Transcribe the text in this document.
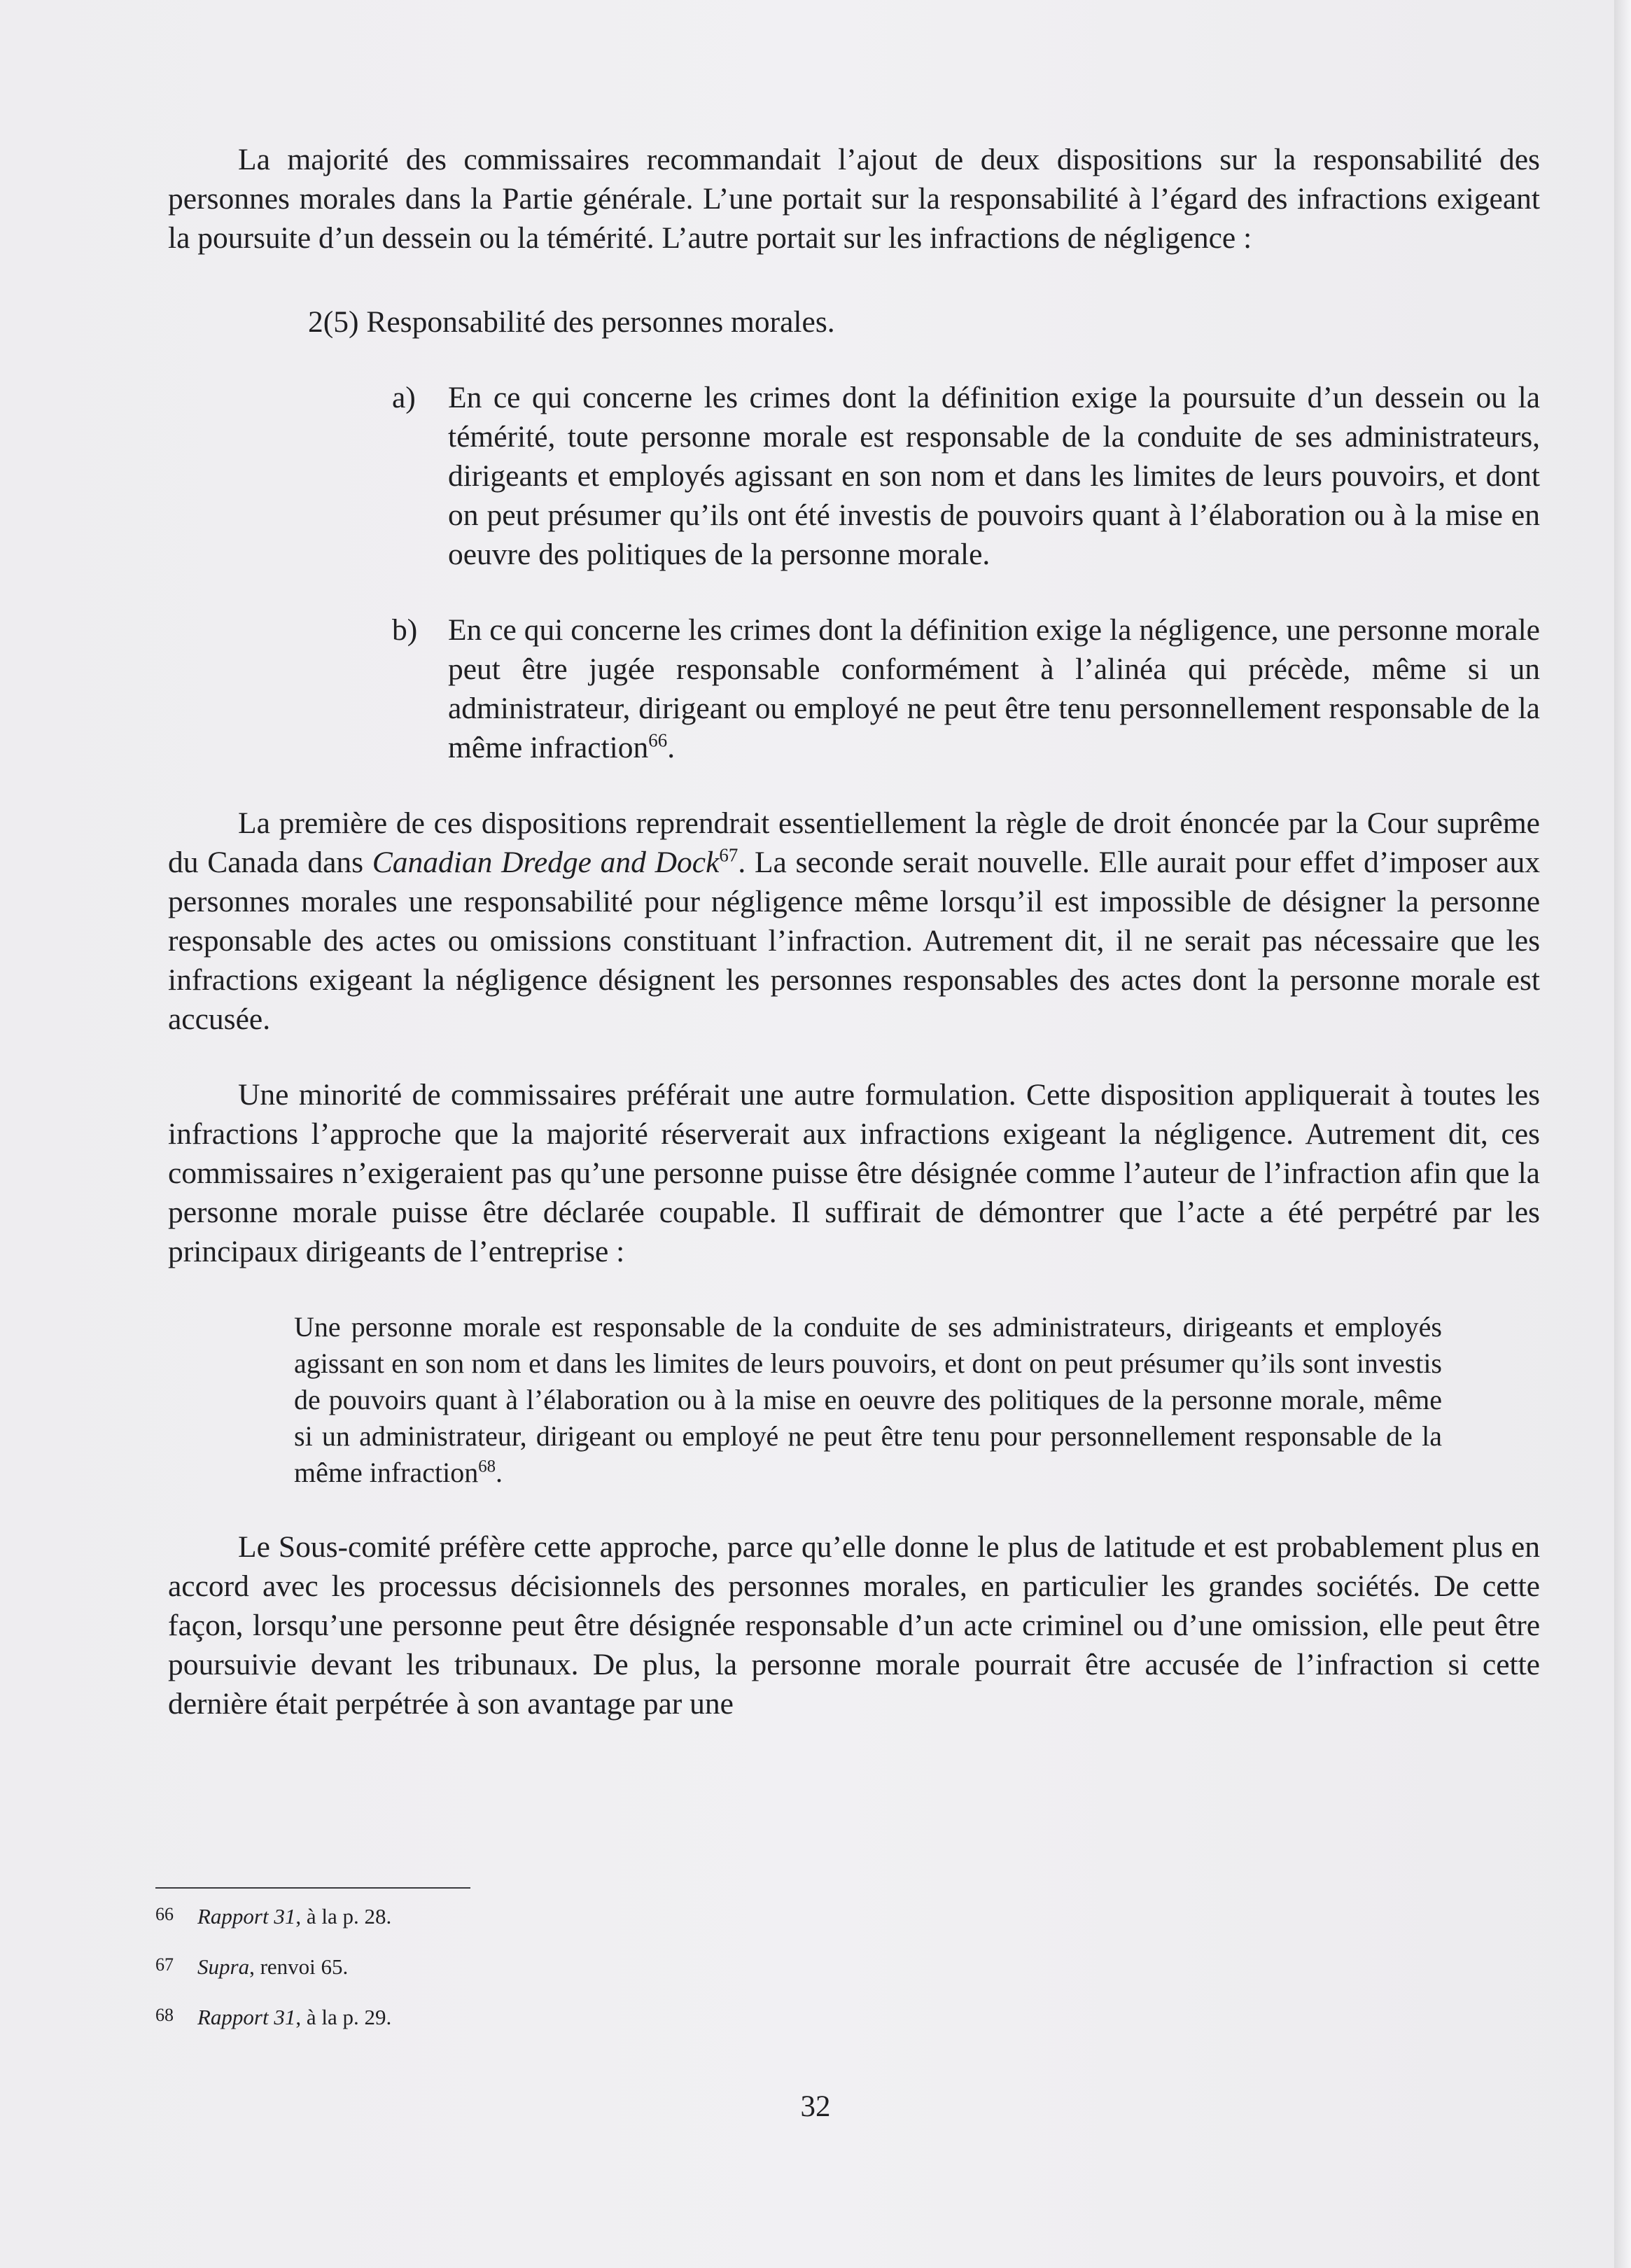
La majorité des commissaires recommandait l’ajout de deux dispositions sur la responsabilité des personnes morales dans la Partie générale. L’une portait sur la responsabilité à l’égard des infractions exigeant la poursuite d’un dessein ou la témérité. L’autre portait sur les infractions de négligence :

2(5) Responsabilité des personnes morales.

a)	En ce qui concerne les crimes dont la définition exige la poursuite d’un dessein ou la témérité, toute personne morale est responsable de la conduite de ses administrateurs, dirigeants et employés agissant en son nom et dans les limites de leurs pouvoirs, et dont on peut présumer qu’ils ont été investis de pouvoirs quant à l’élaboration ou à la mise en oeuvre des politiques de la personne morale.

b)	En ce qui concerne les crimes dont la définition exige la négligence, une personne morale peut être jugée responsable conformément à l’alinéa qui précède, même si un administrateur, dirigeant ou employé ne peut être tenu personnellement responsable de la même infraction$^{66}$.

La première de ces dispositions reprendrait essentiellement la règle de droit énoncée par la Cour suprême du Canada dans Canadian Dredge and Dock$^{67}$. La seconde serait nouvelle. Elle aurait pour effet d’imposer aux personnes morales une responsabilité pour négligence même lorsqu’il est impossible de désigner la personne responsable des actes ou omissions constituant l’infraction. Autrement dit, il ne serait pas nécessaire que les infractions exigeant la négligence désignent les personnes responsables des actes dont la personne morale est accusée.

Une minorité de commissaires préférait une autre formulation. Cette disposition appliquerait à toutes les infractions l’approche que la majorité réserverait aux infractions exigeant la négligence. Autrement dit, ces commissaires n’exigeraient pas qu’une personne puisse être désignée comme l’auteur de l’infraction afin que la personne morale puisse être déclarée coupable. Il suffirait de démontrer que l’acte a été perpétré par les principaux dirigeants de l’entreprise :

Une personne morale est responsable de la conduite de ses administrateurs, dirigeants et employés agissant en son nom et dans les limites de leurs pouvoirs, et dont on peut présumer qu’ils sont investis de pouvoirs quant à l’élaboration ou à la mise en oeuvre des politiques de la personne morale, même si un administrateur, dirigeant ou employé ne peut être tenu pour personnellement responsable de la même infraction$^{68}$.

Le Sous-comité préfère cette approche, parce qu’elle donne le plus de latitude et est probablement plus en accord avec les processus décisionnels des personnes morales, en particulier les grandes sociétés. De cette façon, lorsqu’une personne peut être désignée responsable d’un acte criminel ou d’une omission, elle peut être poursuivie devant les tribunaux. De plus, la personne morale pourrait être accusée de l’infraction si cette dernière était perpétrée à son avantage par une

66	Rapport 31, à la p. 28.
67	Supra, renvoi 65.
68	Rapport 31, à la p. 29.
32
